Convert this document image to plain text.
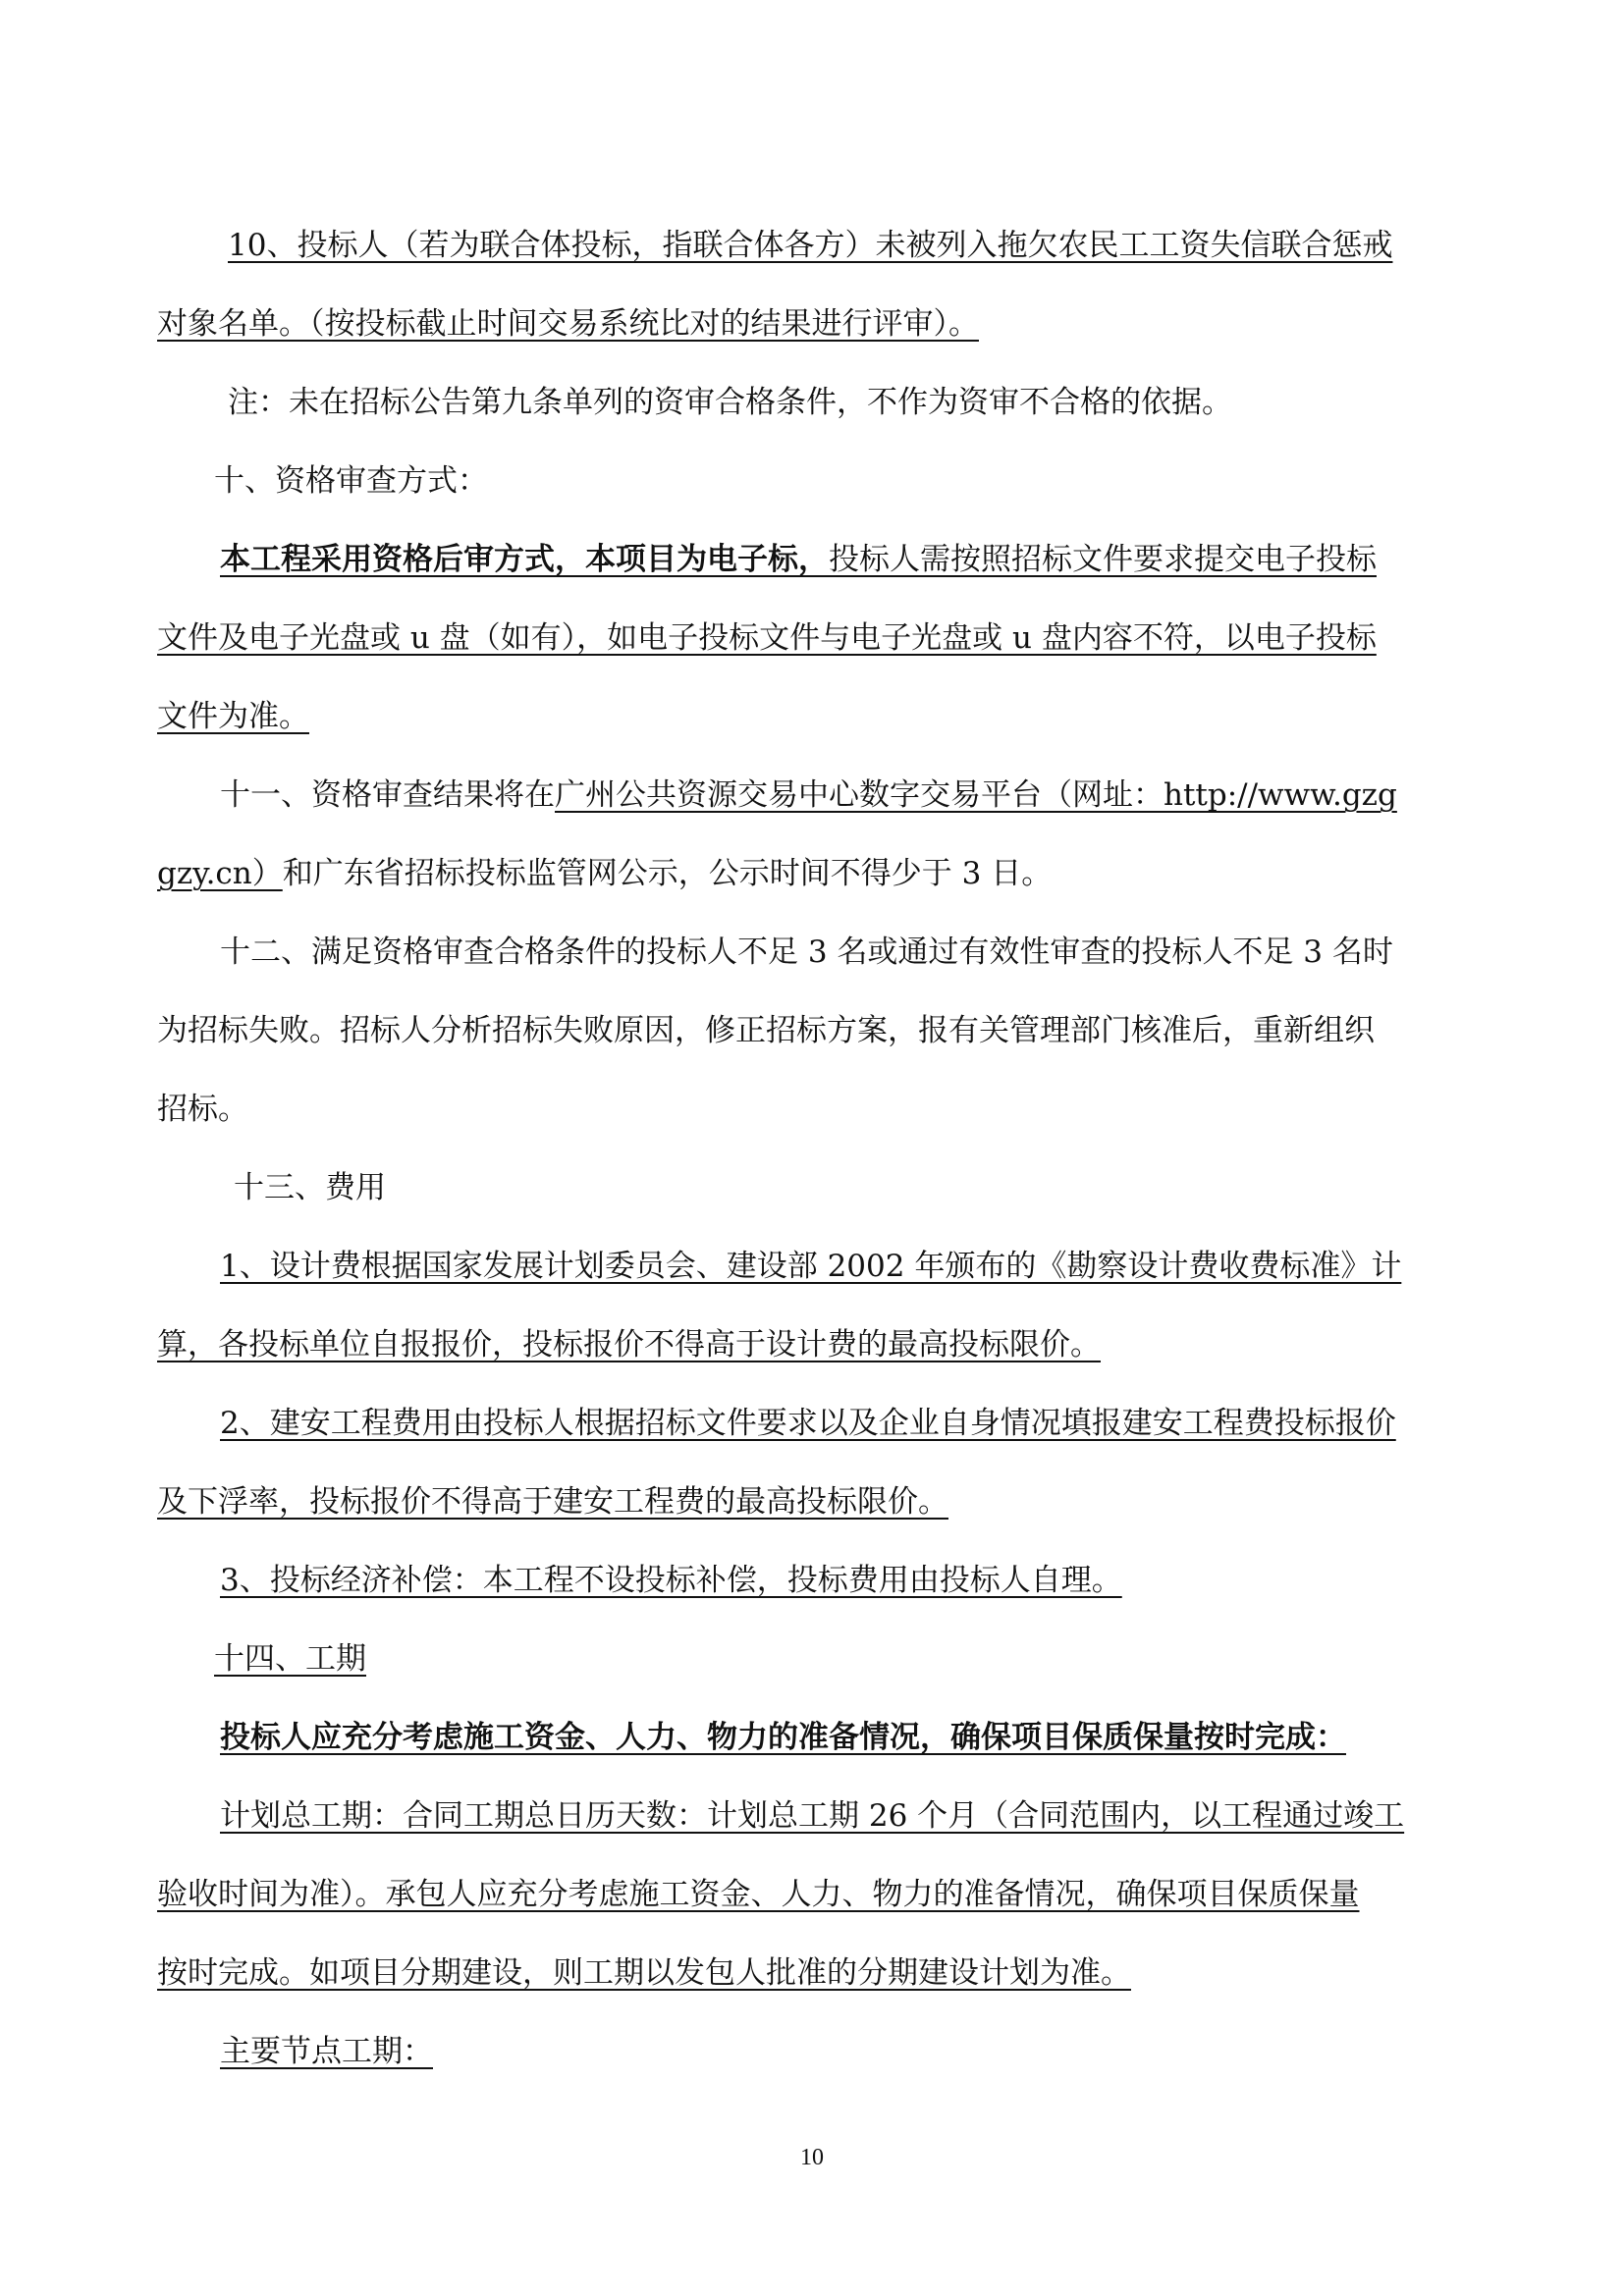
10、投标人（若为联合体投标，指联合体各方）未被列入拖欠农民工工资失信联合惩戒
对象名单。（按投标截止时间交易系统比对的结果进行评审）。
注：未在招标公告第九条单列的资审合格条件，不作为资审不合格的依据。
十、资格审查方式：
本工程采用资格后审方式，本项目为电子标，投标人需按照招标文件要求提交电子投标
文件及电子光盘或 u 盘（如有），如电子投标文件与电子光盘或 u 盘内容不符，以电子投标
文件为准。
十一、资格审查结果将在广州公共资源交易中心数字交易平台（网址：http://www.gzg
gzy.cn）和广东省招标投标监管网公示，公示时间不得少于 3 日。
十二、满足资格审查合格条件的投标人不足 3 名或通过有效性审查的投标人不足 3 名时
为招标失败。招标人分析招标失败原因，修正招标方案，报有关管理部门核准后，重新组织
招标。
十三、费用
1、设计费根据国家发展计划委员会、建设部 2002 年颁布的《勘察设计费收费标准》计
算，各投标单位自报报价，投标报价不得高于设计费的最高投标限价。
2、建安工程费用由投标人根据招标文件要求以及企业自身情况填报建安工程费投标报价
及下浮率，投标报价不得高于建安工程费的最高投标限价。
3、投标经济补偿：本工程不设投标补偿，投标费用由投标人自理。
十四、工期
投标人应充分考虑施工资金、人力、物力的准备情况，确保项目保质保量按时完成：
计划总工期：合同工期总日历天数：计划总工期 26 个月（合同范围内，以工程通过竣工
验收时间为准）。承包人应充分考虑施工资金、人力、物力的准备情况，确保项目保质保量
按时完成。如项目分期建设，则工期以发包人批准的分期建设计划为准。
主要节点工期：
10
